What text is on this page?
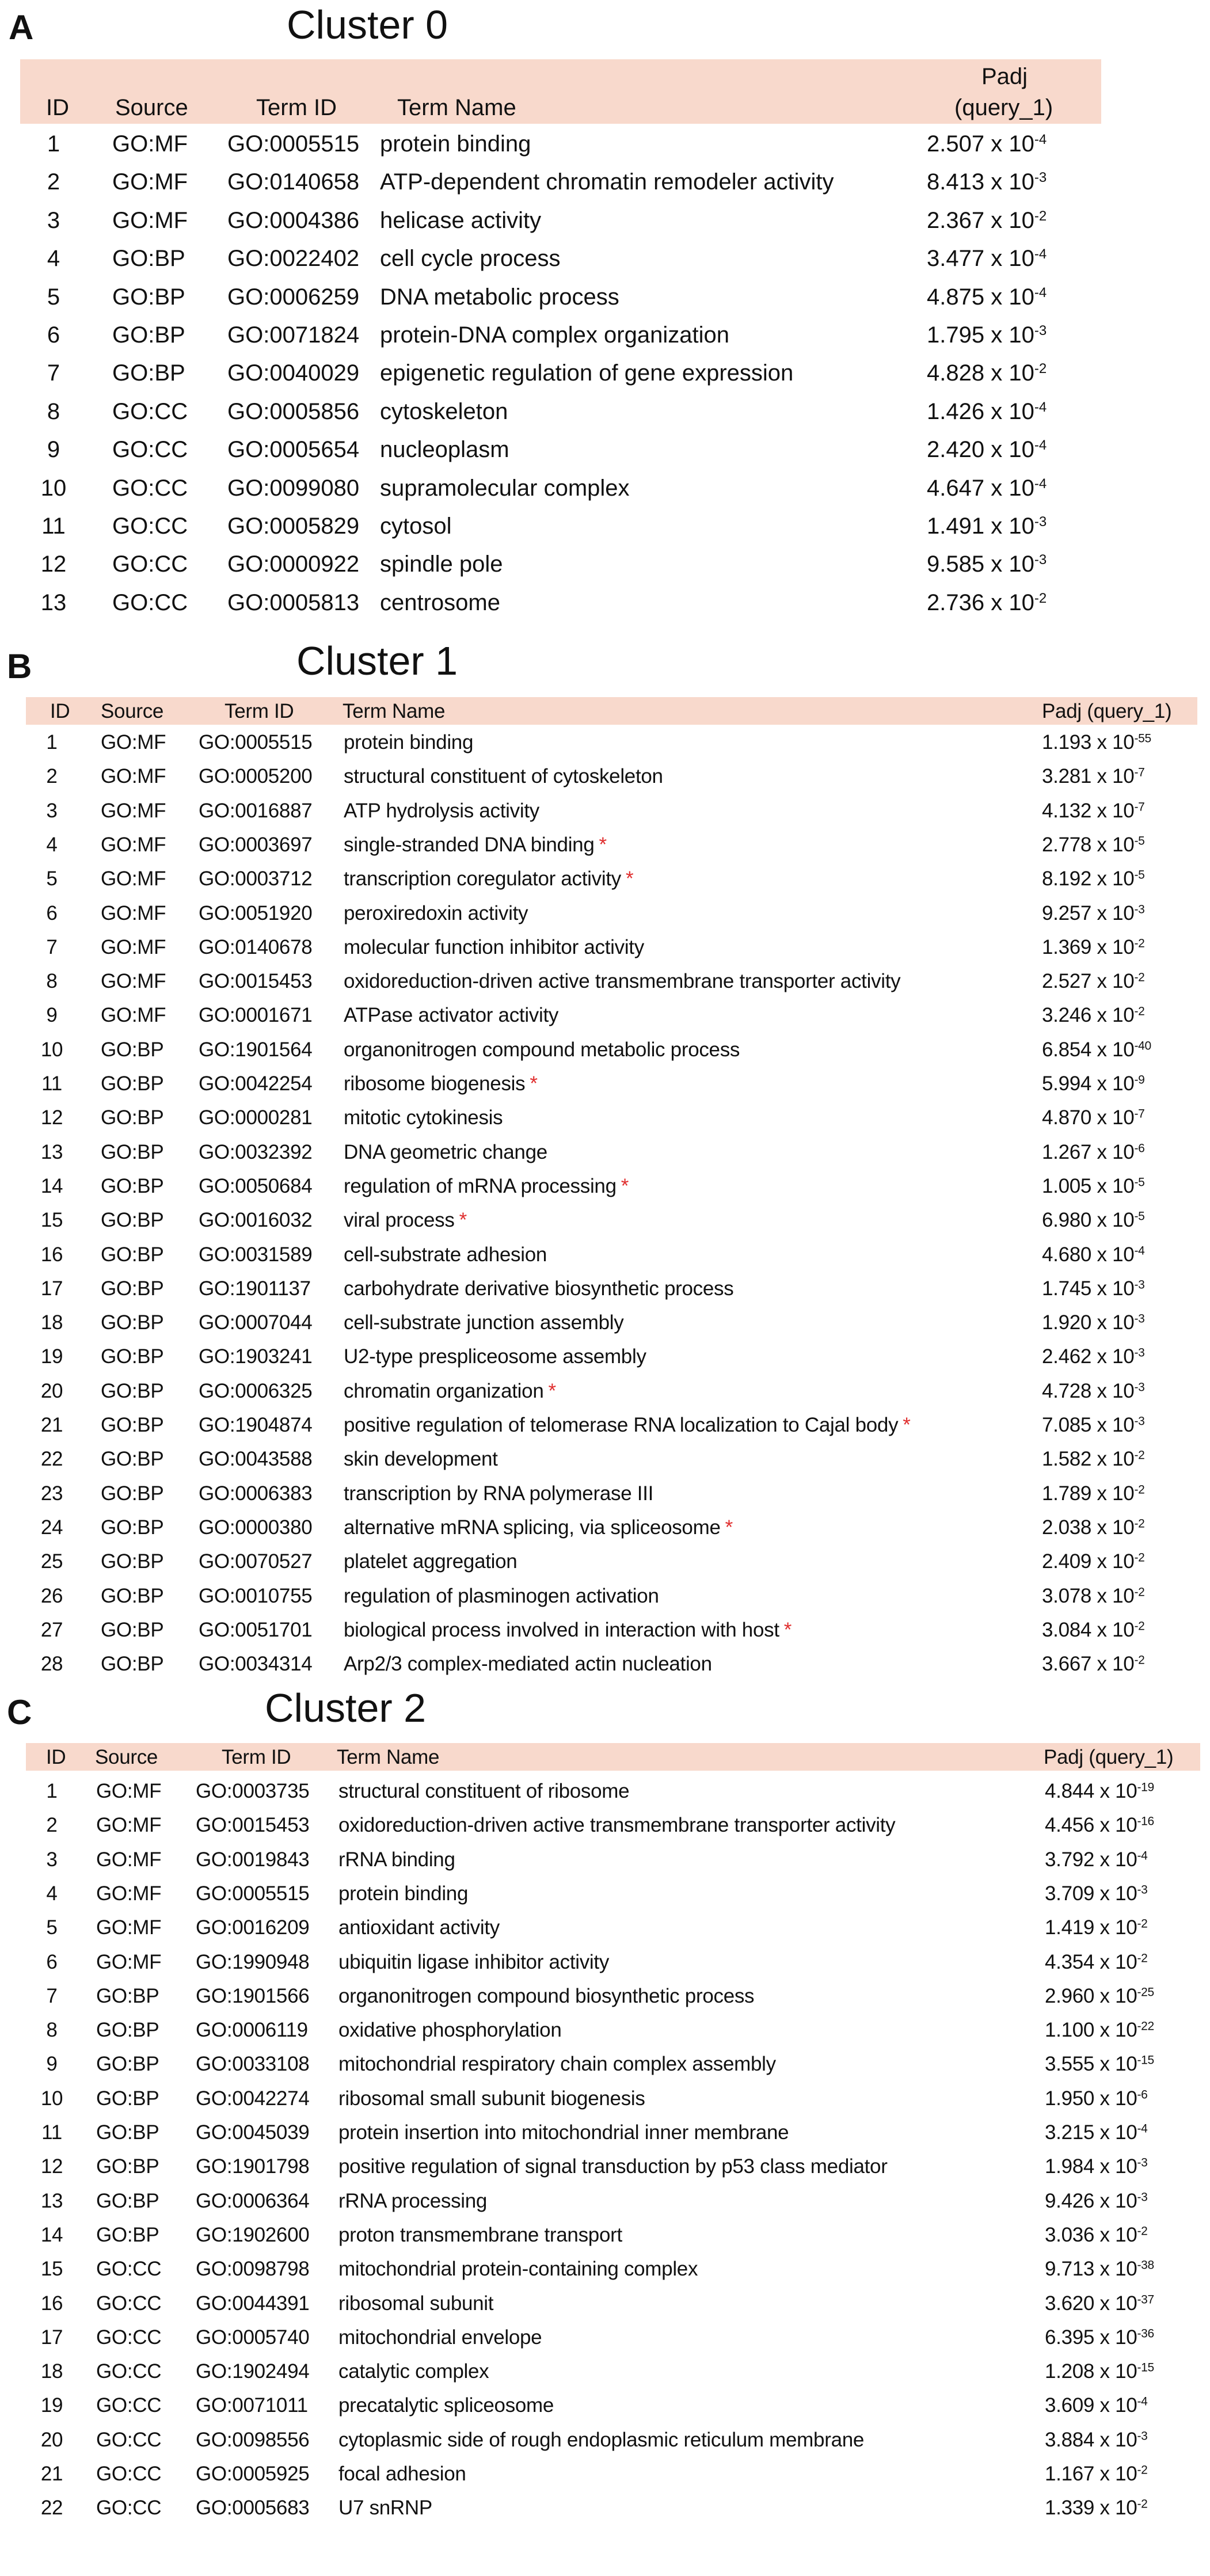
A	Cluster 0
ID Source	Term ID	Term Name
Padj
(query_1)
1	GO:MF GO:0005515 protein binding	2.507 x $10^{-4}$
2	GO:MF GO:0140658 ATP-dependent chromatin remodeler activity	8.413 x $10^{-3}$
3	GO:MF GO:0004386 helicase activity	2.367 x $10^{-2}$
4	GO:BP GO:0022402 cell cycle process	3.477 x $10^{-4}$
5	GO:BP GO:0006259 DNA metabolic process	4.875 x $10^{-4}$
6	GO:BP GO:0071824 protein-DNA complex organization	1.795 x $10^{-3}$
7	GO:BP GO:0040029 epigenetic regulation of gene expression	4.828 x $10^{-2}$
8	GO:CC GO:0005856 cytoskeleton	1.426 x $10^{-4}$
9	GO:CC GO:0005654 nucleoplasm	2.420 x $10^{-4}$
10	GO:CC GO:0099080 supramolecular complex	4.647 x $10^{-4}$
11	GO:CC GO:0005829 cytosol	1.491 x $10^{-3}$
12	GO:CC GO:0000922 spindle pole	9.585 x $10^{-3}$
13	GO:CC GO:0005813 centrosome	2.736 x $10^{-2}$
B	Cluster 1
ID Source	Term ID Term Name	Padj (query_1)
1	GO:MF GO:0005515 protein binding	1.193 x $10^{-55}$
2	GO:MF GO:0005200 structural constituent of cytoskeleton	3.281 x $10^{-7}$
3	GO:MF GO:0016887 ATP hydrolysis activity	4.132 x $10^{-7}$
4	GO:MF GO:0003697 single-stranded DNA binding *	2.778 x $10^{-5}$
5	GO:MF GO:0003712 transcription coregulator activity *	8.192 x $10^{-5}$
6	GO:MF GO:0051920 peroxiredoxin activity	9.257 x $10^{-3}$
7	GO:MF GO:0140678 molecular function inhibitor activity	1.369 x $10^{-2}$
8	GO:MF GO:0015453 oxidoreduction-driven active transmembrane transporter activity	2.527 x $10^{-2}$
9	GO:MF GO:0001671 ATPase activator activity	3.246 x $10^{-2}$
10	GO:BP GO:1901564 organonitrogen compound metabolic process	6.854 x $10^{-40}$
11	GO:BP GO:0042254 ribosome biogenesis *	5.994 x $10^{-9}$
12	GO:BP GO:0000281 mitotic cytokinesis	4.870 x $10^{-7}$
13	GO:BP GO:0032392 DNA geometric change	1.267 x $10^{-6}$
14	GO:BP GO:0050684 regulation of mRNA processing *	1.005 x $10^{-5}$
15	GO:BP GO:0016032 viral process *	6.980 x $10^{-5}$
16	GO:BP GO:0031589 cell-substrate adhesion	4.680 x $10^{-4}$
17	GO:BP GO:1901137 carbohydrate derivative biosynthetic process	1.745 x $10^{-3}$
18	GO:BP GO:0007044 cell-substrate junction assembly	1.920 x $10^{-3}$
19	GO:BP GO:1903241 U2-type prespliceosome assembly	2.462 x $10^{-3}$
20	GO:BP GO:0006325 chromatin organization *	4.728 x $10^{-3}$
21	GO:BP GO:1904874 positive regulation of telomerase RNA localization to Cajal body *	7.085 x $10^{-3}$
22	GO:BP GO:0043588 skin development	1.582 x $10^{-2}$
23	GO:BP GO:0006383 transcription by RNA polymerase III	1.789 x $10^{-2}$
24	GO:BP GO:0000380 alternative mRNA splicing, via spliceosome *	2.038 x $10^{-2}$
25	GO:BP GO:0070527 platelet aggregation	2.409 x $10^{-2}$
26	GO:BP GO:0010755 regulation of plasminogen activation	3.078 x $10^{-2}$
27	GO:BP GO:0051701 biological process involved in interaction with host *	3.084 x $10^{-2}$
28	GO:BP GO:0034314 Arp2/3 complex-mediated actin nucleation	3.667 x $10^{-2}$
C	Cluster 2
ID Source	Term ID Term Name	Padj (query_1)
1	GO:MF GO:0003735 structural constituent of ribosome	4.844 x $10^{-19}$
2	GO:MF GO:0015453 oxidoreduction-driven active transmembrane transporter activity	4.456 x $10^{-16}$
3	GO:MF GO:0019843 rRNA binding	3.792 x $10^{-4}$
4	GO:MF GO:0005515 protein binding	3.709 x $10^{-3}$
5	GO:MF GO:0016209 antioxidant activity	1.419 x $10^{-2}$
6	GO:MF GO:1990948 ubiquitin ligase inhibitor activity	4.354 x $10^{-2}$
7	GO:BP GO:1901566 organonitrogen compound biosynthetic process	2.960 x $10^{-25}$
8	GO:BP GO:0006119 oxidative phosphorylation	1.100 x $10^{-22}$
9	GO:BP GO:0033108 mitochondrial respiratory chain complex assembly	3.555 x $10^{-15}$
10	GO:BP GO:0042274 ribosomal small subunit biogenesis	1.950 x $10^{-6}$
11	GO:BP GO:0045039 protein insertion into mitochondrial inner membrane	3.215 x $10^{-4}$
12	GO:BP GO:1901798 positive regulation of signal transduction by p53 class mediator	1.984 x $10^{-3}$
13	GO:BP GO:0006364 rRNA processing	9.426 x $10^{-3}$
14	GO:BP GO:1902600 proton transmembrane transport	3.036 x $10^{-2}$
15	GO:CC GO:0098798 mitochondrial protein-containing complex	9.713 x $10^{-38}$
16	GO:CC GO:0044391 ribosomal subunit	3.620 x $10^{-37}$
17	GO:CC GO:0005740 mitochondrial envelope	6.395 x $10^{-36}$
18	GO:CC GO:1902494 catalytic complex	1.208 x $10^{-15}$
19	GO:CC GO:0071011 precatalytic spliceosome	3.609 x $10^{-4}$
20	GO:CC GO:0098556 cytoplasmic side of rough endoplasmic reticulum membrane	3.884 x $10^{-3}$
21	GO:CC GO:0005925 focal adhesion	1.167 x $10^{-2}$
22	GO:CC GO:0005683 U7 snRNP	1.339 x $10^{-2}$
